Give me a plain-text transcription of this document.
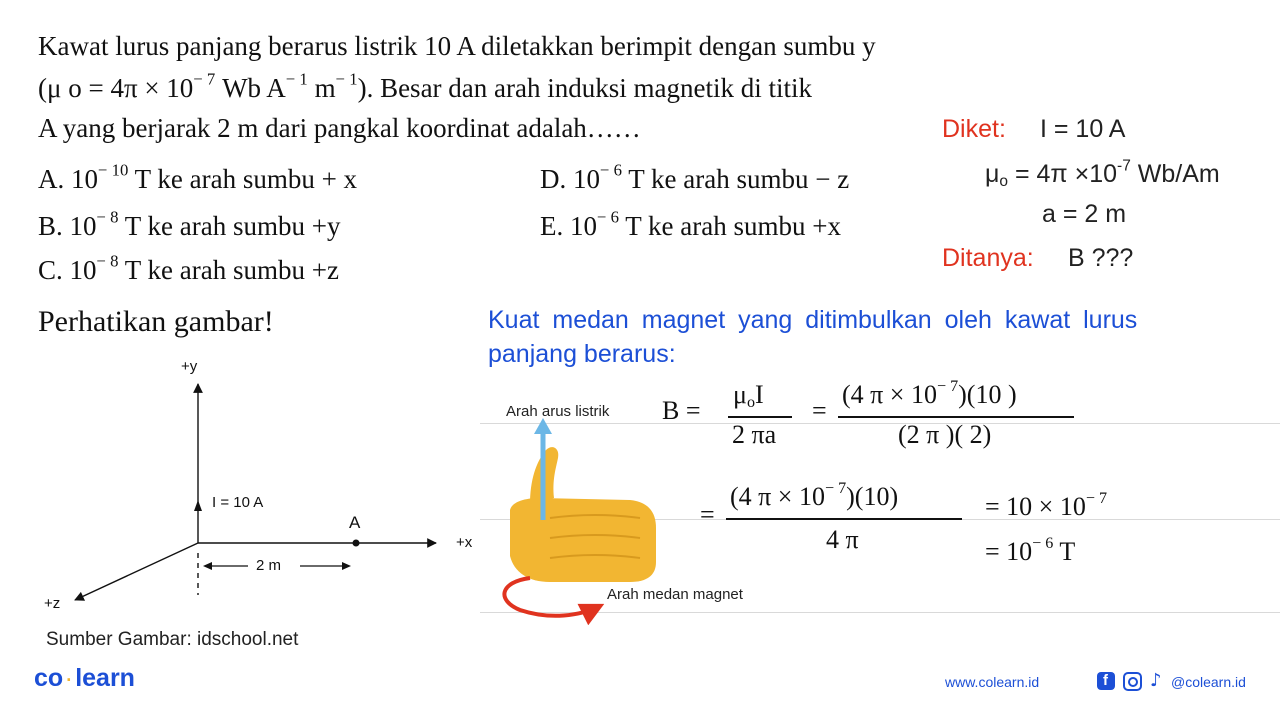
Kawat lurus panjang berarus listrik 10 A diletakkan berimpit dengan sumbu y
(μ $o = 4\pi \times 10^{- 7}$ Wb $A^{- 1}$ $m^{- 1}$). Besar dan arah induksi magnetik di titik
A yang berjarak 2 m dari pangkal koordinat adalah……
A. $10^{- 10}$ T ke arah sumbu + x
B. $10^{- 8}$ T ke arah sumbu +y
C. $10^{- 8}$ T ke arah sumbu +z
D. $10^{- 6}$ T ke arah sumbu − z
E. $10^{- 6}$ T ke arah sumbu +x
Diket: I = 10 A
$\mu_o = 4\pi \times 10^{-7}$ Wb/Am
a = 2 m
Ditanya: B ???
Perhatikan gambar!
+y
+x
+z
I = 10 A
A
2 m
Sumber Gambar: idschool.net
Kuat medan magnet yang ditimbulkan oleh kawat lurus
panjang berarus:
Arah arus listrik
Arah medan magnet
B =
$\mu_oI$
2 πa
=
(4 $\pi \times 10^{- 7})(10$ )
(2 π )( 2)
=
(4 $\pi \times 10^{- 7})(10)$
4 π
= $10 \times 10^{- 7}$
= $10^{- 6}$ T
co · learn	www.colearn.id	f ♪ @colearn.id
